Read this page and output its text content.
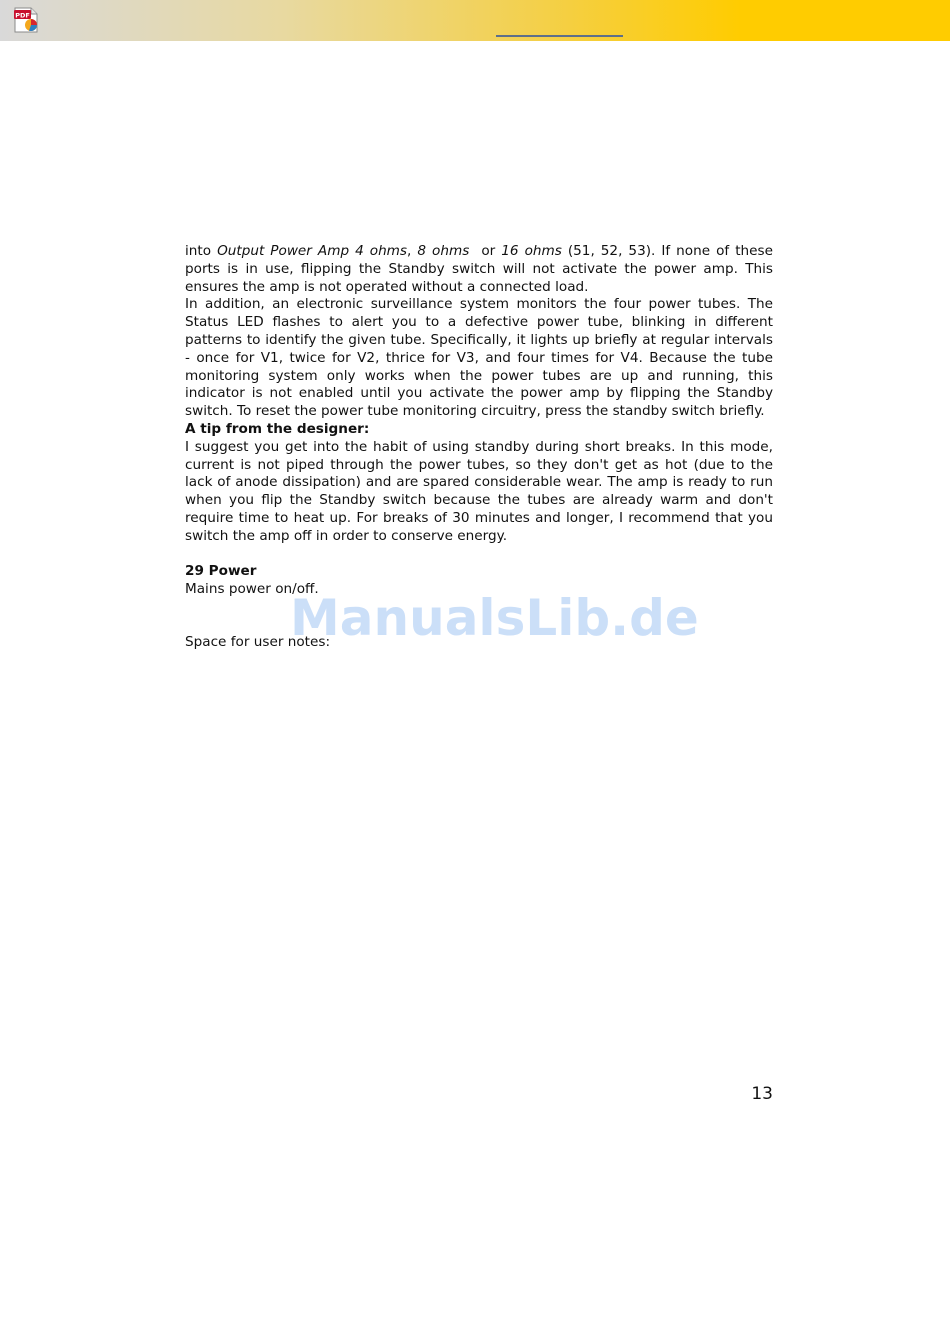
PDF

into Output Power Amp 4 ohms, 8 ohms  or 16 ohms (51, 52, 53). If none of these ports is in use, flipping the Standby switch will not activate the power amp. This ensures the amp is not operated without a connected load.

In addition, an electronic surveillance system monitors the four power tubes. The Status LED flashes to alert you to a defective power tube, blinking in different patterns to identify the given tube. Specifically, it lights up briefly at regular intervals - once for V1, twice for V2, thrice for V3, and four times for V4. Because the tube monitoring system only works when the power tubes are up and running, this indicator is not enabled until you activate the power amp by flipping the Standby switch. To reset the power tube monitoring circuitry, press the standby switch briefly.

A tip from the designer:

I suggest you get into the habit of using standby during short breaks. In this mode, current is not piped through the power tubes, so they don't get as hot (due to the lack of anode dissipation) and are spared considerable wear. The amp is ready to run when you flip the Standby switch because the tubes are already warm and don't require time to heat up. For breaks of 30 minutes and longer, I recommend that you switch the amp off in order to conserve energy.

29 Power

Mains power on/off.

Space for user notes:

ManualsLib.de
13
